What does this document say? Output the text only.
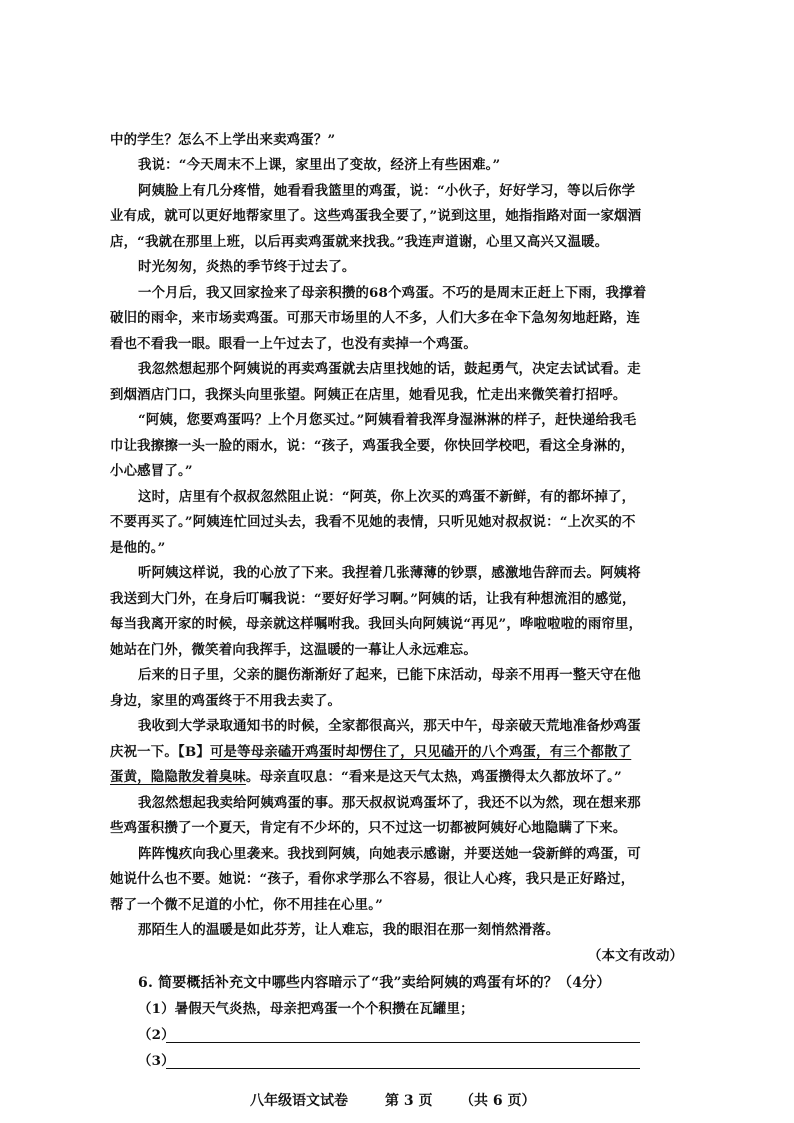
中的学生？怎么不上学出来卖鸡蛋？”
我说：“今天周末不上课，家里出了变故，经济上有些困难。”
阿姨脸上有几分疼惜，她看看我篮里的鸡蛋，说：“小伙子，好好学习，等以后你学
业有成，就可以更好地帮家里了。这些鸡蛋我全要了，”说到这里，她指指路对面一家烟酒
店，“我就在那里上班，以后再卖鸡蛋就来找我。”我连声道谢，心里又高兴又温暖。
时光匆匆，炎热的季节终于过去了。
一个月后，我又回家捡来了母亲积攒的68个鸡蛋。不巧的是周末正赶上下雨，我撑着
破旧的雨伞，来市场卖鸡蛋。可那天市场里的人不多，人们大多在伞下急匆匆地赶路，连
看也不看我一眼。眼看一上午过去了，也没有卖掉一个鸡蛋。
我忽然想起那个阿姨说的再卖鸡蛋就去店里找她的话，鼓起勇气，决定去试试看。走
到烟酒店门口，我探头向里张望。阿姨正在店里，她看见我，忙走出来微笑着打招呼。
“阿姨，您要鸡蛋吗？上个月您买过。”阿姨看着我浑身湿淋淋的样子，赶快递给我毛
巾让我擦擦一头一脸的雨水，说：“孩子，鸡蛋我全要，你快回学校吧，看这全身淋的，
小心感冒了。”
这时，店里有个叔叔忽然阻止说：“阿英，你上次买的鸡蛋不新鲜，有的都坏掉了，
不要再买了。”阿姨连忙回过头去，我看不见她的表情，只听见她对叔叔说：“上次买的不
是他的。”
听阿姨这样说，我的心放了下来。我捏着几张薄薄的钞票，感激地告辞而去。阿姨将
我送到大门外，在身后叮嘱我说：“要好好学习啊。”阿姨的话，让我有种想流泪的感觉，
每当我离开家的时候，母亲就这样嘱咐我。我回头向阿姨说“再见”，哗啦啦啦的雨帘里，
她站在门外，微笑着向我挥手，这温暖的一幕让人永远难忘。
后来的日子里，父亲的腿伤渐渐好了起来，已能下床活动，母亲不用再一整天守在他
身边，家里的鸡蛋终于不用我去卖了。
我收到大学录取通知书的时候，全家都很高兴，那天中午，母亲破天荒地准备炒鸡蛋
庆祝一下。【B】可是等母亲磕开鸡蛋时却愣住了，只见磕开的八个鸡蛋，有三个都散了
蛋黄，隐隐散发着臭味。母亲直叹息：“看来是这天气太热，鸡蛋攒得太久都放坏了。”
我忽然想起我卖给阿姨鸡蛋的事。那天叔叔说鸡蛋坏了，我还不以为然，现在想来那
些鸡蛋积攒了一个夏天，肯定有不少坏的，只不过这一切都被阿姨好心地隐瞒了下来。
阵阵愧疚向我心里袭来。我找到阿姨，向她表示感谢，并要送她一袋新鲜的鸡蛋，可
她说什么也不要。她说：“孩子，看你求学那么不容易，很让人心疼，我只是正好路过，
帮了一个微不足道的小忙，你不用挂在心里。”
那陌生人的温暖是如此芬芳，让人难忘，我的眼泪在那一刻悄然滑落。
（本文有改动）
6. 简要概括补充文中哪些内容暗示了“我”卖给阿姨的鸡蛋有坏的？（4分）
（1）暑假天气炎热，母亲把鸡蛋一个个积攒在瓦罐里；
（2）
（3）
八年级语文试卷	第 3 页 （共 6 页）
